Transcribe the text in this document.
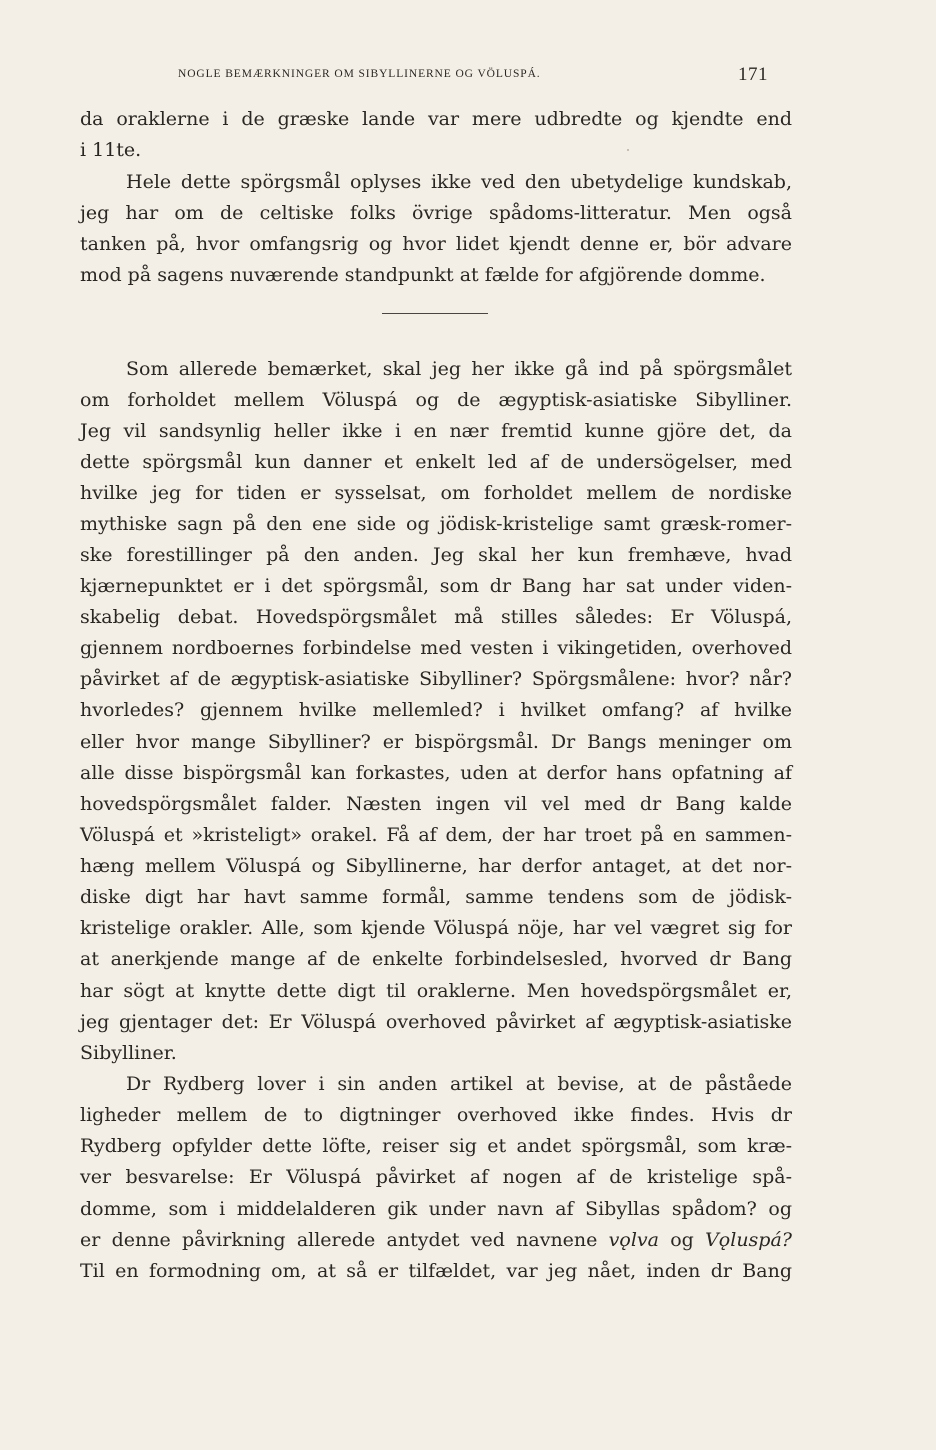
NOGLE BEMÆRKNINGER OM SIBYLLINERNE OG VÖLUSPÁ.	171
da oraklerne i de græske lande var mere udbredte og kjendte end
i 11te.
Hele dette spörgsmål oplyses ikke ved den ubetydelige kundskab,
jeg har om de celtiske folks övrige spådoms-litteratur. Men også
tanken på, hvor omfangsrig og hvor lidet kjendt denne er, bör advare
mod på sagens nuværende standpunkt at fælde for afgjörende domme.
Som allerede bemærket, skal jeg her ikke gå ind på spörgsmålet
om forholdet mellem Völuspá og de ægyptisk-asiatiske Sibylliner.
Jeg vil sandsynlig heller ikke i en nær fremtid kunne gjöre det, da
dette spörgsmål kun danner et enkelt led af de undersögelser, med
hvilke jeg for tiden er sysselsat, om forholdet mellem de nordiske
mythiske sagn på den ene side og jödisk-kristelige samt græsk-romer-
ske forestillinger på den anden. Jeg skal her kun fremhæve, hvad
kjærnepunktet er i det spörgsmål, som dr Bang har sat under viden-
skabelig debat. Hovedspörgsmålet må stilles således: Er Völuspá,
gjennem nordboernes forbindelse med vesten i vikingetiden, overhoved
påvirket af de ægyptisk-asiatiske Sibylliner? Spörgsmålene: hvor? når?
hvorledes? gjennem hvilke mellemled? i hvilket omfang? af hvilke
eller hvor mange Sibylliner? er bispörgsmål. Dr Bangs meninger om
alle disse bispörgsmål kan forkastes, uden at derfor hans opfatning af
hovedspörgsmålet falder. Næsten ingen vil vel med dr Bang kalde
Völuspá et »kristeligt» orakel. Få af dem, der har troet på en sammen-
hæng mellem Völuspá og Sibyllinerne, har derfor antaget, at det nor-
diske digt har havt samme formål, samme tendens som de jödisk-
kristelige orakler. Alle, som kjende Völuspá nöje, har vel vægret sig for
at anerkjende mange af de enkelte forbindelsesled, hvorved dr Bang
har sögt at knytte dette digt til oraklerne. Men hovedspörgsmålet er,
jeg gjentager det: Er Völuspá overhoved påvirket af ægyptisk-asiatiske
Sibylliner.
Dr Rydberg lover i sin anden artikel at bevise, at de påståede
ligheder mellem de to digtninger overhoved ikke findes. Hvis dr
Rydberg opfylder dette löfte, reiser sig et andet spörgsmål, som kræ-
ver besvarelse: Er Völuspá påvirket af nogen af de kristelige spå-
domme, som i middelalderen gik under navn af Sibyllas spådom? og
er denne påvirkning allerede antydet ved navnene vǫlva og Vǫluspá?
Til en formodning om, at så er tilfældet, var jeg nået, inden dr Bang
